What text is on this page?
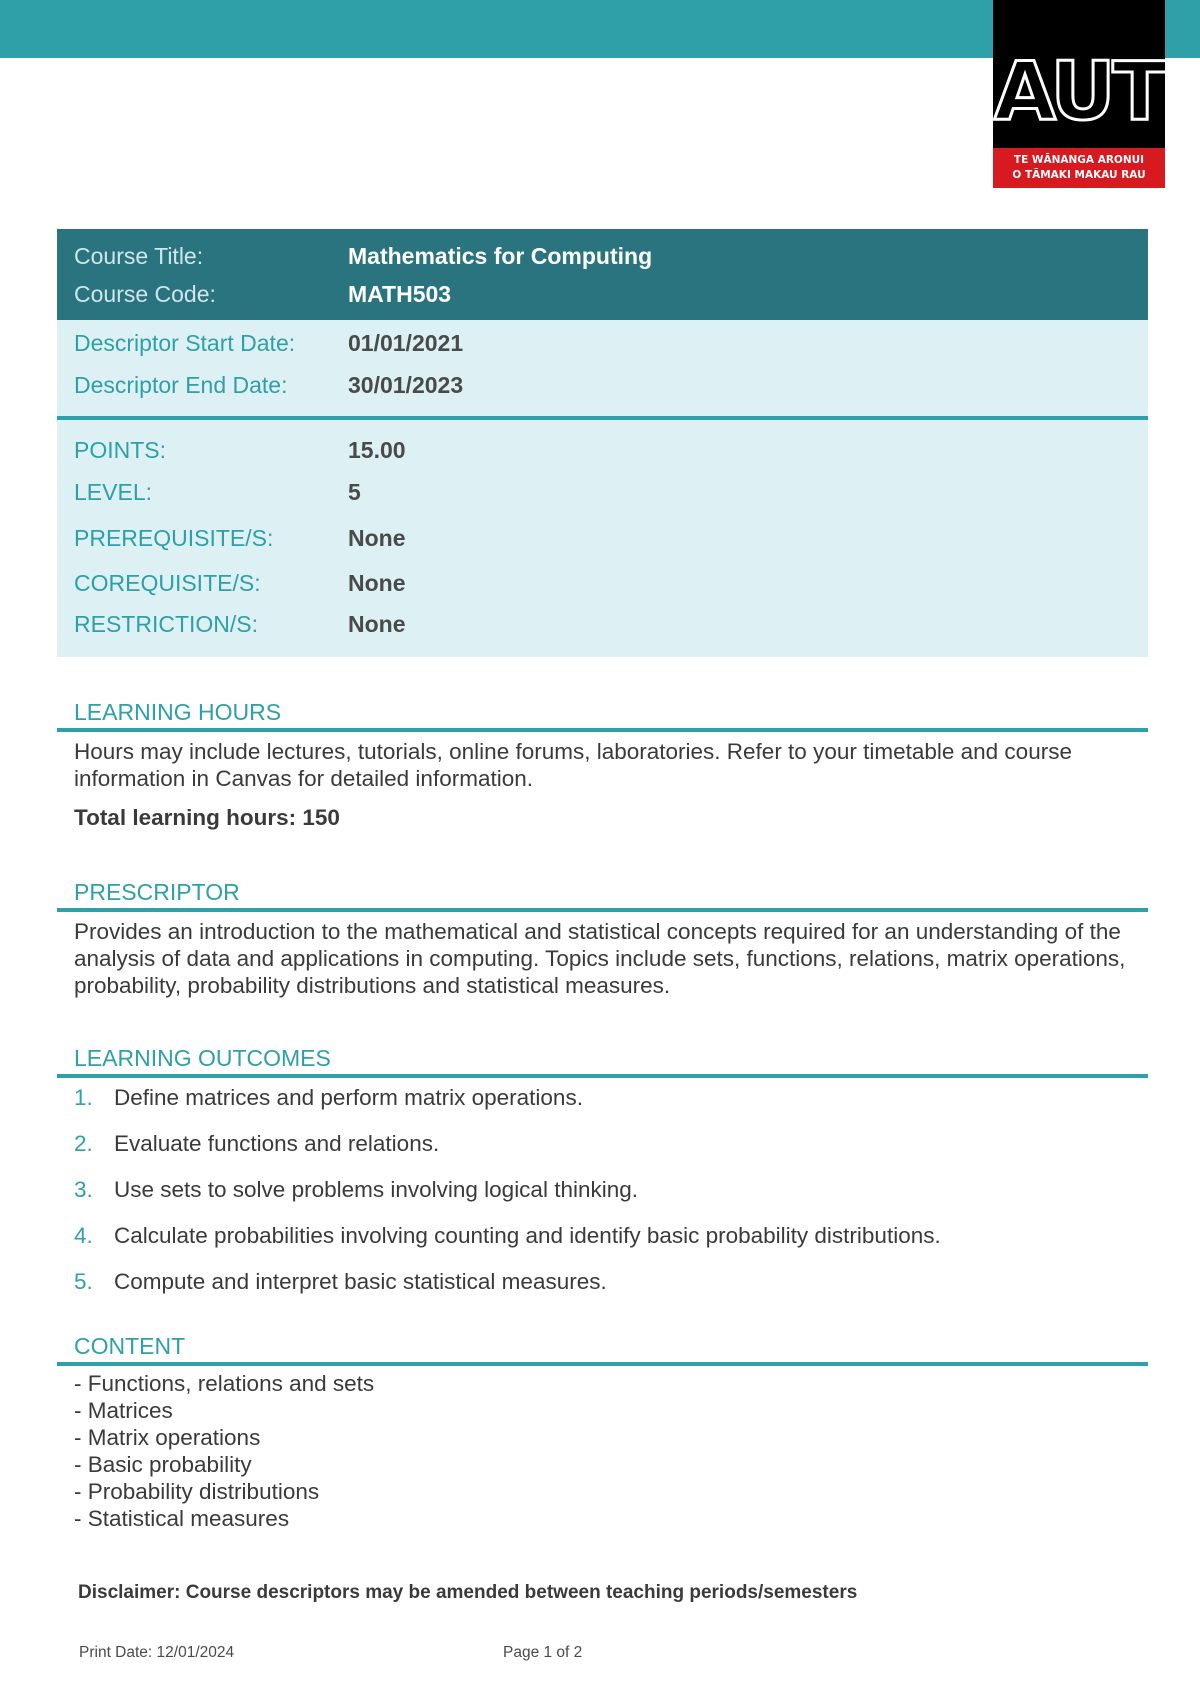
AUT
TE WĀNANGA ARONUI
O TĀMAKI MAKAU RAU
Course Title:	Mathematics for Computing
Course Code:	MATH503
Descriptor Start Date: 01/01/2021
Descriptor End Date:	30/01/2023
POINTS:	15.00
LEVEL:	5
PREREQUISITE/S:	None
COREQUISITE/S:	None
RESTRICTION/S:	None
LEARNING HOURS
Hours may include lectures, tutorials, online forums, laboratories. Refer to your timetable and course information in Canvas for detailed information.
Total learning hours: 150
PRESCRIPTOR
Provides an introduction to the mathematical and statistical concepts required for an understanding of the analysis of data and applications in computing. Topics include sets, functions, relations, matrix operations, probability, probability distributions and statistical measures.
LEARNING OUTCOMES
1. Define matrices and perform matrix operations.
2. Evaluate functions and relations.
3. Use sets to solve problems involving logical thinking.
4. Calculate probabilities involving counting and identify basic probability distributions.
5. Compute and interpret basic statistical measures.
CONTENT
- Functions, relations and sets
- Matrices
- Matrix operations
- Basic probability
- Probability distributions
- Statistical measures
Disclaimer: Course descriptors may be amended between teaching periods/semesters
Print Date: 12/01/2024	Page 1 of 2
